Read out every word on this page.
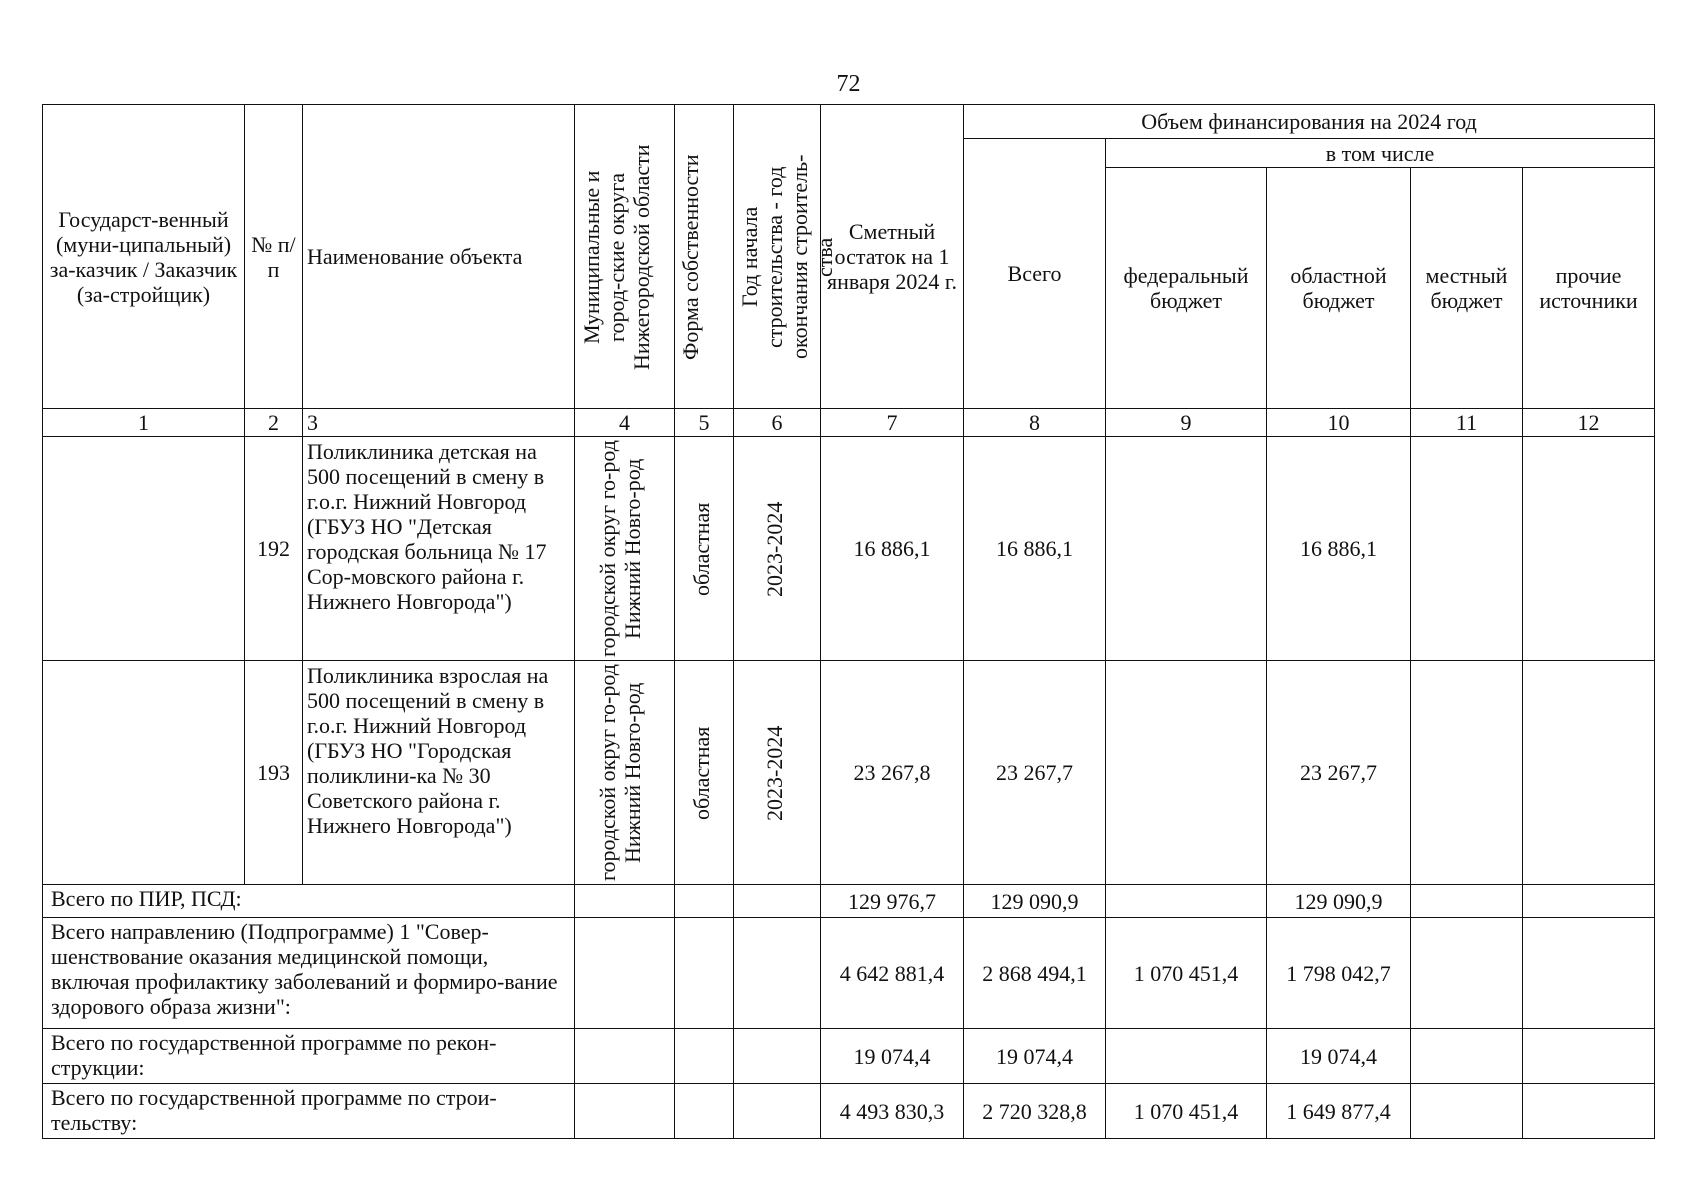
72
Государст-венный (муни-ципальный) за-казчик / Заказчик (за-стройщик)	№ п/п	Наименование объекта	Муниципальные и город-ские округа Нижегородской области	Форма собственности	Год начала строительства - год окончания строитель-ства	Сметный остаток на 1 января 2024 г.	Объем финансирования на 2024 год				
							Всего	в том числе			
								федеральный бюджет	областной бюджет	местный бюджет	прочие источники
1	2	3	4	5	6	7	8	9	10	11	12
	192	Поликлиника детская на 500 посещений в смену в г.о.г. Нижний Новгород (ГБУЗ НО "Детская городская больница № 17 Сор-мовского района г. Нижнего Новгорода")	городской округ го-род Нижний Новго-род	областная	2023-2024	16 886,1	16 886,1		16 886,1		
	193	Поликлиника взрослая на 500 посещений в смену в г.о.г. Нижний Новгород (ГБУЗ НО "Городская поликлини-ка № 30 Советского района г. Нижнего Новгорода")	городской округ го-род Нижний Новго-род	областная	2023-2024	23 267,8	23 267,7		23 267,7		
Всего по ПИР, ПСД:						129 976,7	129 090,9		129 090,9		
Всего направлению (Подпрограмме) 1 "Совер-шенствование оказания медицинской помощи, включая профилактику заболеваний и формиро-вание здорового образа жизни":						4 642 881,4	2 868 494,1	1 070 451,4	1 798 042,7		
Всего по государственной программе по рекон-струкции:						19 074,4	19 074,4		19 074,4		
Всего по государственной программе по строи-тельству:						4 493 830,3	2 720 328,8	1 070 451,4	1 649 877,4		
